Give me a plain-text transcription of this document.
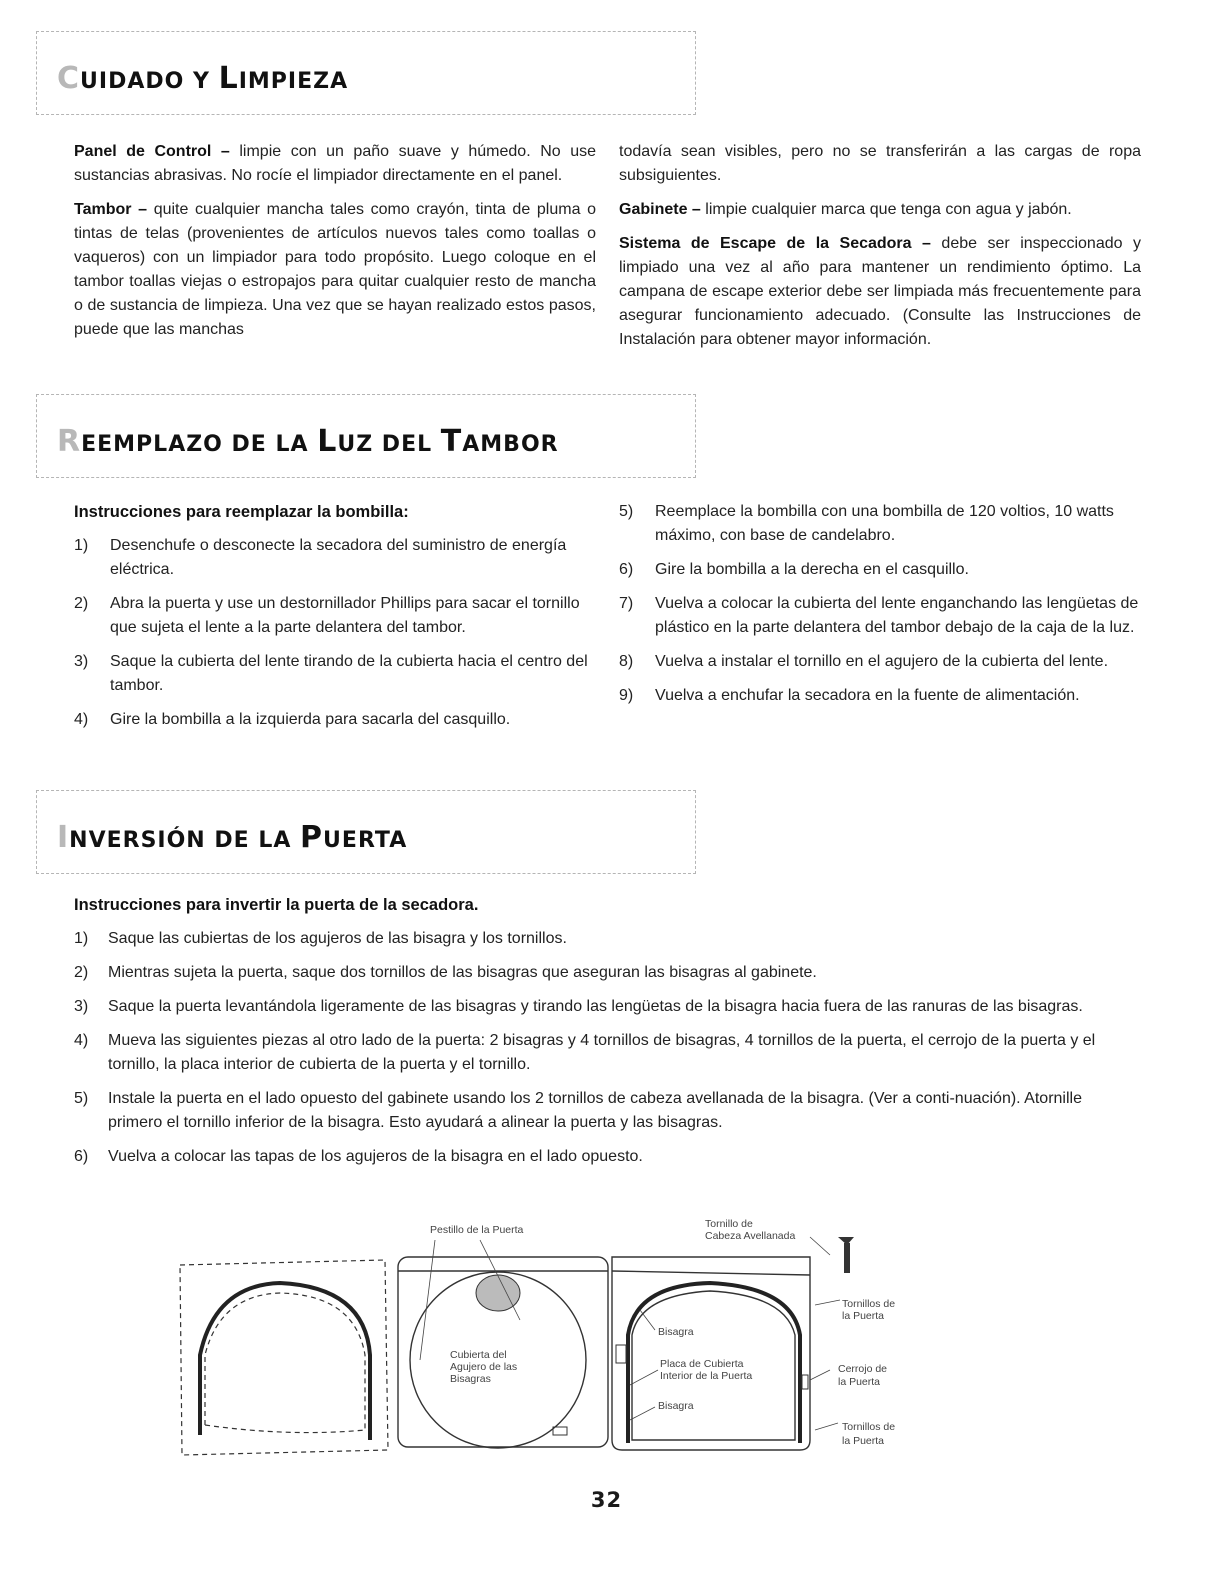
CUIDADO Y LIMPIEZA

Panel de Control – limpie con un paño suave y húmedo. No use sustancias abrasivas. No rocíe el limpiador directamente en el panel.

Tambor – quite cualquier mancha tales como crayón, tinta de pluma o tintas de telas (provenientes de artículos nuevos tales como toallas o vaqueros) con un limpiador para todo propósito. Luego coloque en el tambor toallas viejas o estropajos para quitar cualquier resto de mancha o de sustancia de limpieza. Una vez que se hayan realizado estos pasos, puede que las manchas

todavía sean visibles, pero no se transferirán a las cargas de ropa subsiguientes.

Gabinete – limpie cualquier marca que tenga con agua y jabón.

Sistema de Escape de la Secadora – debe ser inspeccionado y limpiado una vez al año para mantener un rendimiento óptimo. La campana de escape exterior debe ser limpiada más frecuentemente para asegurar funcionamiento adecuado. (Consulte las Instrucciones de Instalación para obtener mayor información.

REEMPLAZO DE LA LUZ DEL TAMBOR
Instrucciones para reemplazar la bombilla:
1) Desenchufe o desconecte la secadora del suministro de energía eléctrica.
2) Abra la puerta y use un destornillador Phillips para sacar el tornillo que sujeta el lente a la parte delantera del tambor.
3) Saque la cubierta del lente tirando de la cubierta hacia el centro del tambor.
4) Gire la bombilla a la izquierda para sacarla del casquillo.
5) Reemplace la bombilla con una bombilla de 120 voltios, 10 watts máximo, con base de candelabro.
6) Gire la bombilla a la derecha en el casquillo.
7) Vuelva a colocar la cubierta del lente enganchando las lengüetas de plástico en la parte delantera del tambor debajo de la caja de la luz.
8) Vuelva a instalar el tornillo en el agujero de la cubierta del lente.
9) Vuelva a enchufar la secadora en la fuente de alimentación.
INVERSIÓN DE LA PUERTA
Instrucciones para invertir la puerta de la secadora.
1) Saque las cubiertas de los agujeros de las bisagra y los tornillos.
2) Mientras sujeta la puerta, saque dos tornillos de las bisagras que aseguran las bisagras al gabinete.
3) Saque la puerta levantándola ligeramente de las bisagras y tirando las lengüetas de la bisagra hacia fuera de las ranuras de las bisagras.
4) Mueva las siguientes piezas al otro lado de la puerta: 2 bisagras y 4 tornillos de bisagras, 4 tornillos de la puerta, el cerrojo de la puerta y el tornillo, la placa interior de cubierta de la puerta y el tornillo.
5) Instale la puerta en el lado opuesto del gabinete usando los 2 tornillos de cabeza avellanada de la bisagra. (Ver a conti-nuación). Atornille primero el tornillo inferior de la bisagra. Esto ayudará a alinear la puerta y las bisagras.
6) Vuelva a colocar las tapas de los agujeros de la bisagra en el lado opuesto.
Pestillo de la Puerta	Tornillo de
Cabeza Avellanada
Tornillos de
la Puerta
Bisagra
Cubierta del
Agujero de las
Bisagras
Placa de Cubierta
Interior de la Puerta
Cerrojo de
la Puerta
Bisagra
Tornillos de
la Puerta
32
